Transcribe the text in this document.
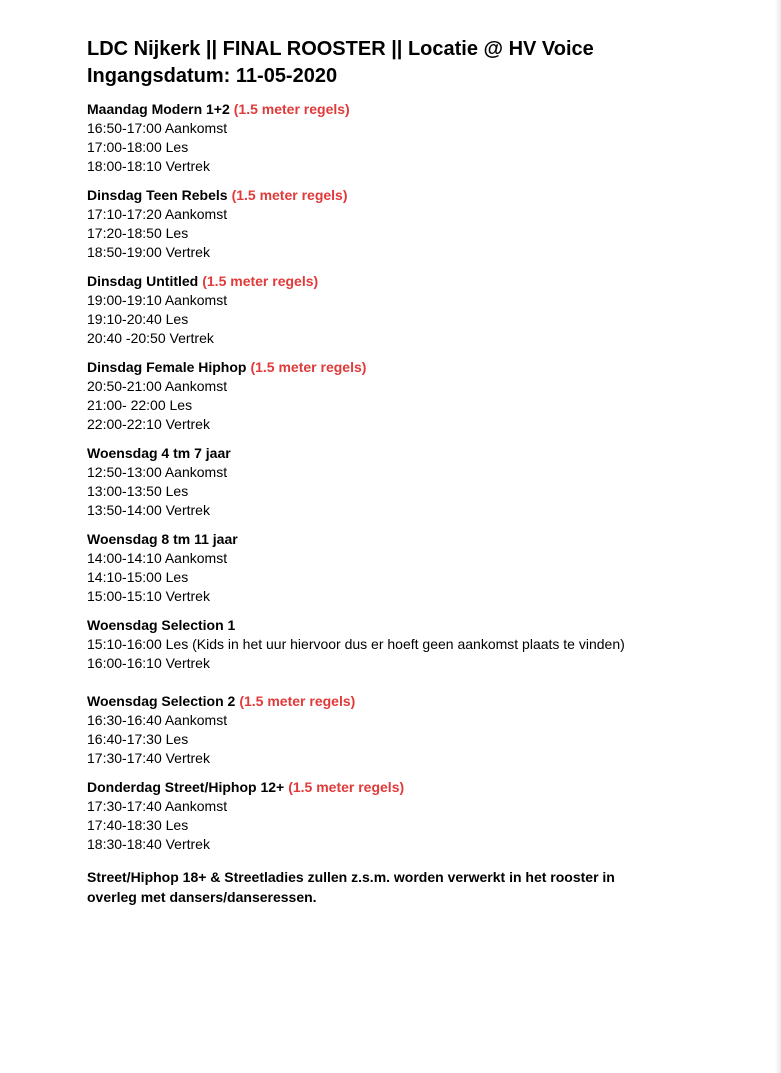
LDC Nijkerk || FINAL ROOSTER || Locatie @ HV Voice
Ingangsdatum: 11-05-2020
Maandag Modern 1+2 (1.5 meter regels)
16:50-17:00 Aankomst
17:00-18:00 Les
18:00-18:10 Vertrek
Dinsdag Teen Rebels (1.5 meter regels)
17:10-17:20 Aankomst
17:20-18:50 Les
18:50-19:00 Vertrek
Dinsdag Untitled (1.5 meter regels)
19:00-19:10 Aankomst
19:10-20:40 Les
20:40 -20:50 Vertrek
Dinsdag Female Hiphop (1.5 meter regels)
20:50-21:00 Aankomst
21:00- 22:00 Les
22:00-22:10 Vertrek
Woensdag 4 tm 7 jaar
12:50-13:00 Aankomst
13:00-13:50 Les
13:50-14:00 Vertrek
Woensdag 8 tm 11 jaar
14:00-14:10 Aankomst
14:10-15:00 Les
15:00-15:10 Vertrek
Woensdag Selection 1
15:10-16:00 Les (Kids in het uur hiervoor dus er hoeft geen aankomst plaats te vinden)
16:00-16:10 Vertrek
Woensdag Selection 2 (1.5 meter regels)
16:30-16:40 Aankomst
16:40-17:30 Les
17:30-17:40 Vertrek
Donderdag Street/Hiphop 12+ (1.5 meter regels)
17:30-17:40 Aankomst
17:40-18:30 Les
18:30-18:40 Vertrek
Street/Hiphop 18+ & Streetladies zullen z.s.m. worden verwerkt in het rooster in overleg met dansers/danseressen.
